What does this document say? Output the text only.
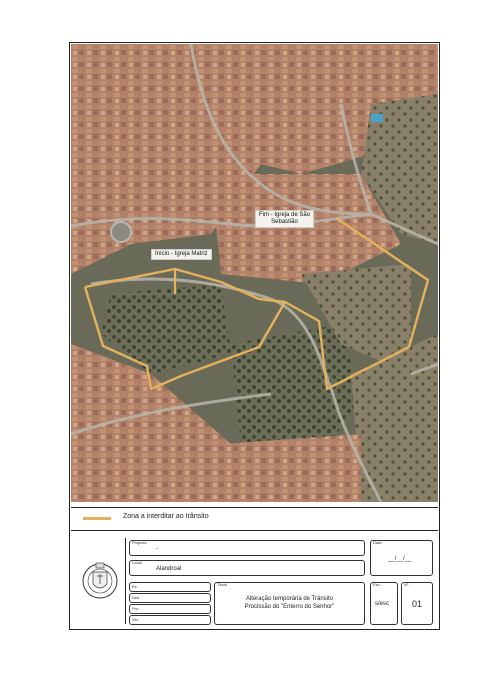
Início - Igreja Matriz
Fim - Igreja de São
Sebastião
Zona a interditar ao trânsito
Projecto
-
Data
__/__/__
Local
Alandroal
Ex.
Des.
Pro.
Ver.
Título
Alteração temporária de Trânsito
Procissão do "Enterro do Senhor"
Esc.
s/esc
Nº
01
